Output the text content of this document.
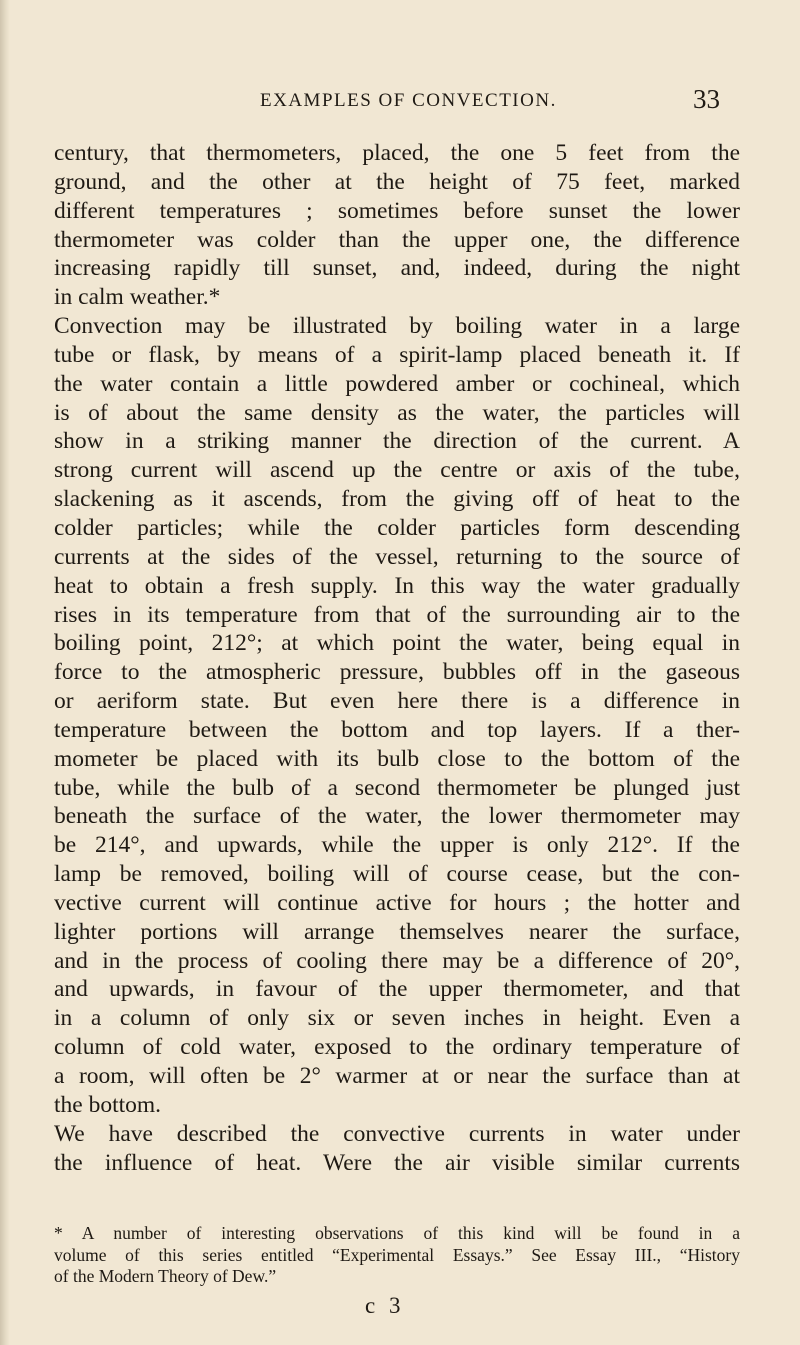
EXAMPLES OF CONVECTION.	33
century, that thermometers, placed, the one 5 feet from the
ground, and the other at the height of 75 feet, marked
different temperatures ; sometimes before sunset the lower
thermometer was colder than the upper one, the difference
increasing rapidly till sunset, and, indeed, during the night
in calm weather.*
Convection may be illustrated by boiling water in a large
tube or flask, by means of a spirit-lamp placed beneath it. If
the water contain a little powdered amber or cochineal, which
is of about the same density as the water, the particles will
show in a striking manner the direction of the current. A
strong current will ascend up the centre or axis of the tube,
slackening as it ascends, from the giving off of heat to the
colder particles; while the colder particles form descending
currents at the sides of the vessel, returning to the source of
heat to obtain a fresh supply. In this way the water gradually
rises in its temperature from that of the surrounding air to the
boiling point, 212°; at which point the water, being equal in
force to the atmospheric pressure, bubbles off in the gaseous
or aeriform state. But even here there is a difference in
temperature between the bottom and top layers. If a ther-
mometer be placed with its bulb close to the bottom of the
tube, while the bulb of a second thermometer be plunged just
beneath the surface of the water, the lower thermometer may
be 214°, and upwards, while the upper is only 212°. If the
lamp be removed, boiling will of course cease, but the con-
vective current will continue active for hours ; the hotter and
lighter portions will arrange themselves nearer the surface,
and in the process of cooling there may be a difference of 20°,
and upwards, in favour of the upper thermometer, and that
in a column of only six or seven inches in height. Even a
column of cold water, exposed to the ordinary temperature of
a room, will often be 2° warmer at or near the surface than at
the bottom.
We have described the convective currents in water under
the influence of heat. Were the air visible similar currents
* A number of interesting observations of this kind will be found in a
volume of this series entitled “Experimental Essays.” See Essay III., “History
of the Modern Theory of Dew.”
c 3
